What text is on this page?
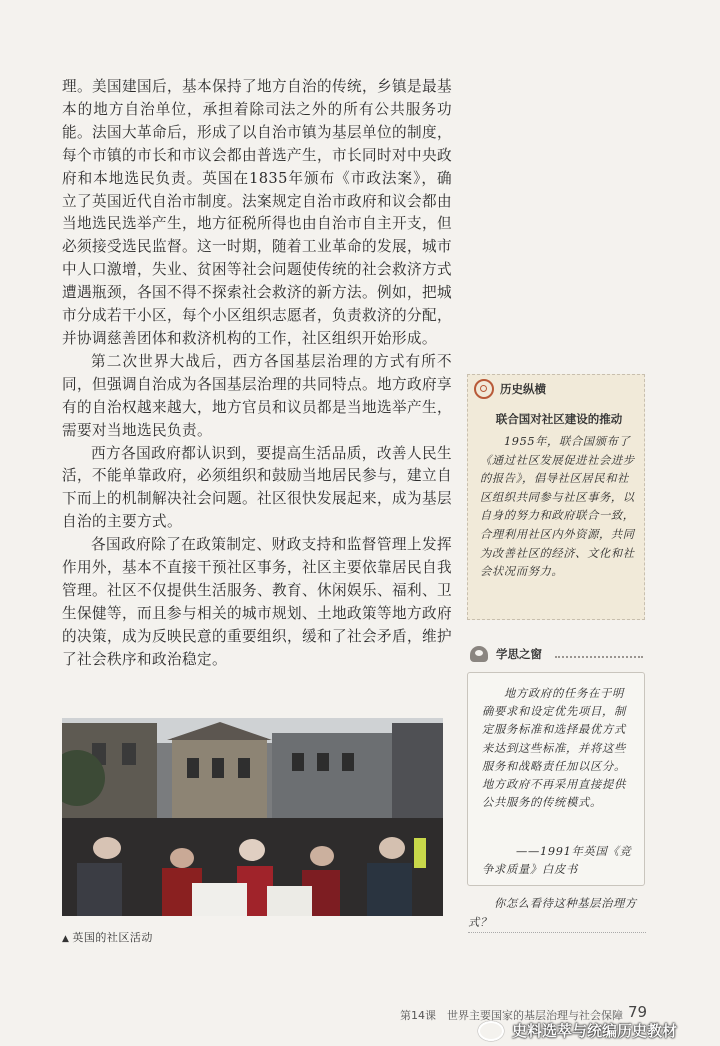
理。美国建国后，基本保持了地方自治的传统，乡镇是最基本的地方自治单位，承担着除司法之外的所有公共服务功能。法国大革命后，形成了以自治市镇为基层单位的制度，每个市镇的市长和市议会都由普选产生，市长同时对中央政府和本地选民负责。英国在1835年颁布《市政法案》，确立了英国近代自治市制度。法案规定自治市政府和议会都由当地选民选举产生，地方征税所得也由自治市自主开支，但必须接受选民监督。这一时期，随着工业革命的发展，城市中人口激增，失业、贫困等社会问题使传统的社会救济方式遭遇瓶颈，各国不得不探索社会救济的新方法。例如，把城市分成若干小区，每个小区组织志愿者，负责救济的分配，并协调慈善团体和救济机构的工作，社区组织开始形成。

第二次世界大战后，西方各国基层治理的方式有所不同，但强调自治成为各国基层治理的共同特点。地方政府享有的自治权越来越大，地方官员和议员都是当地选举产生，需要对当地选民负责。

西方各国政府都认识到，要提高生活品质，改善人民生活，不能单靠政府，必须组织和鼓励当地居民参与，建立自下而上的机制解决社会问题。社区很快发展起来，成为基层自治的主要方式。

各国政府除了在政策制定、财政支持和监督管理上发挥作用外，基本不直接干预社区事务，社区主要依靠居民自我管理。社区不仅提供生活服务、教育、休闲娱乐、福利、卫生保健等，而且参与相关的城市规划、土地政策等地方政府的决策，成为反映民意的重要组织，缓和了社会矛盾，维护了社会秩序和政治稳定。

▲ 英国的社区活动
历史纵横
联合国对社区建设的推动
1955年，联合国颁布了《通过社区发展促进社会进步的报告》，倡导社区居民和社区组织共同参与社区事务，以自身的努力和政府联合一致，合理利用社区内外资源，共同为改善社区的经济、文化和社会状况而努力。
学思之窗
地方政府的任务在于明确要求和设定优先项目，制定服务标准和选择最优方式来达到这些标准，并将这些服务和战略责任加以区分。地方政府不再采用直接提供公共服务的传统模式。
——1991年英国《竞争求质量》白皮书
你怎么看待这种基层治理方式？
第14课　世界主要国家的基层治理与社会保障 79
史料选萃与统编历史教材
